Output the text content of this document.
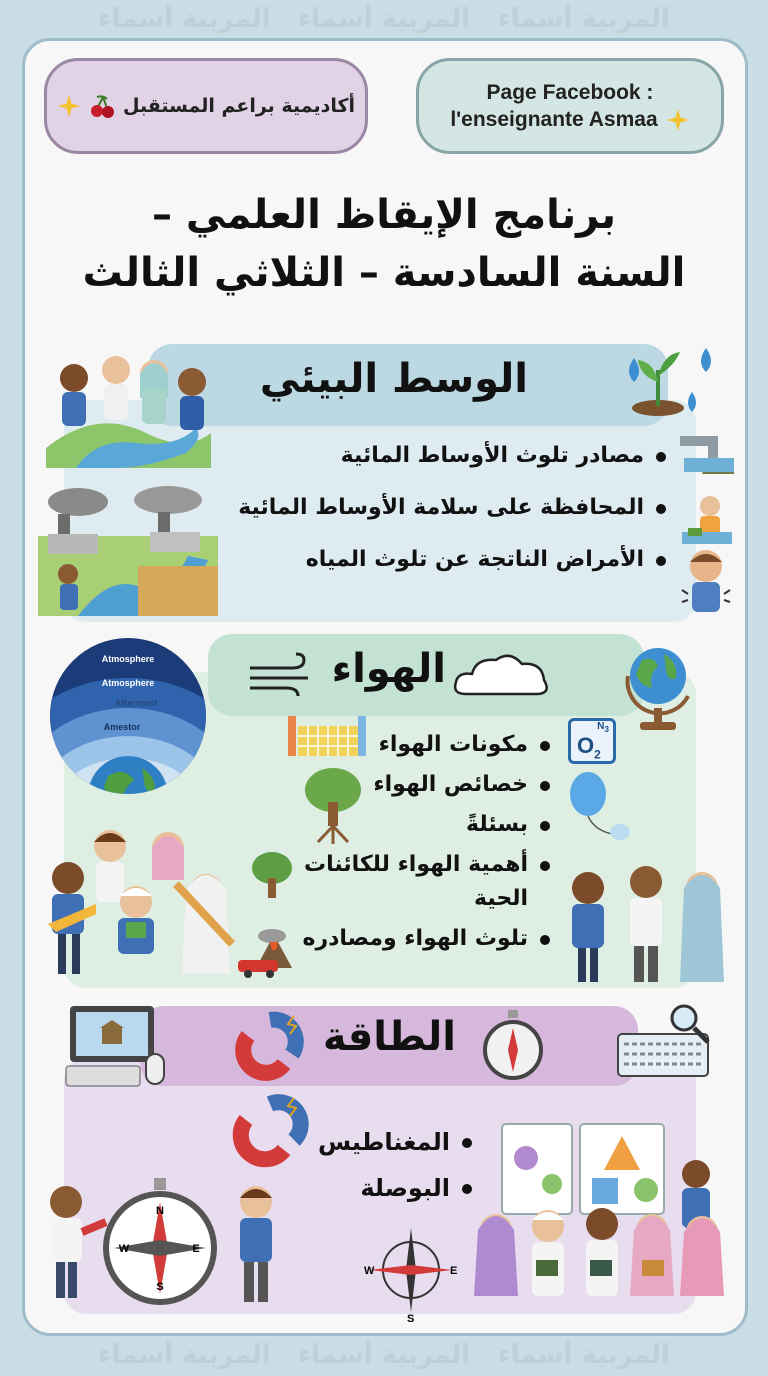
المربية أسماء   المربية أسماء   المربية أسماء
المربية أسماء   المربية أسماء   المربية أسماء
أكاديمية براعم المستقبل
Page Facebook :
l'enseignante Asmaa
برنامج الإيقاظ العلمي –
السنة السادسة – الثلاثي الثالث
الوسط البيئي
مصادر تلوث الأوساط المائية
المحافظة على سلامة الأوساط المائية
الأمراض الناتجة عن تلوث المياه
الهواء
Atmosphere
Atmosphere
Aftermost
Amestor
مكونات الهواء
خصائص الهواء
بسئلةً
أهمية الهواء للكائنات الحية
تلوث الهواء ومصادره
$N_3$
$O_2$
الطاقة
المغناطيس
البوصلة
N
E
S
W
W	E
S
